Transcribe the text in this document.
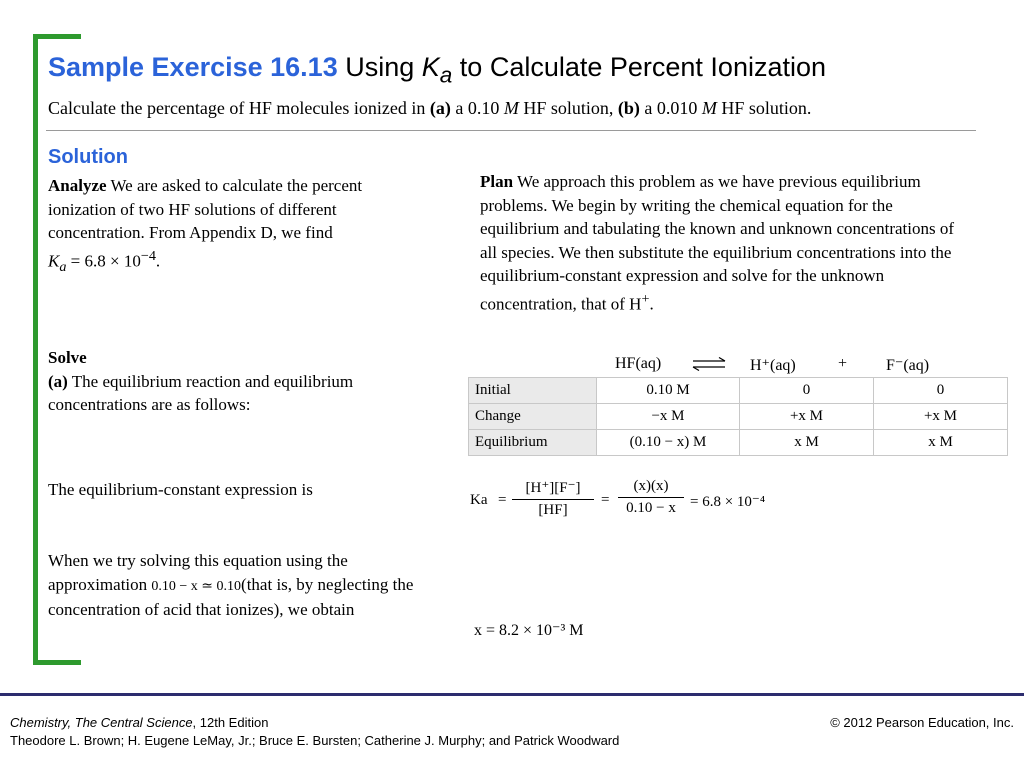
Sample Exercise 16.13 Using $K_a$ to Calculate Percent Ionization
Calculate the percentage of HF molecules ionized in (a) a 0.10 M HF solution, (b) a 0.010 M HF solution.
Solution
Analyze We are asked to calculate the percent ionization of two HF solutions of different concentration. From Appendix D, we find
$K_a = 6.8 \times 10^{-4}$.
Plan We approach this problem as we have previous equilibrium problems. We begin by writing the chemical equation for the equilibrium and tabulating the known and unknown concentrations of all species. We then substitute the equilibrium concentrations into the equilibrium-constant expression and solve for the unknown concentration, that of H+.
Solve
(a) The equilibrium reaction and equilibrium concentrations are as follows:
The equilibrium-constant expression is
When we try solving this equation using the approximation 0.10 − x ≃ 0.10(that is, by neglecting the concentration of acid that ionizes), we obtain
HF(aq) ⇌ H⁺(aq)	+ F⁻(aq)
Initial	0.10 M	0	0
Change	−x M	+x M	+x M
Equilibrium	(0.10 − x) M	x M	x M
$Ka = \frac{[H^+][F^-]}{[HF]} = \frac{(x)(x)}{0.10 - x} = 6.8 \times 10^{-4}$
x = 8.2 × 10⁻³ M
Chemistry, The Central Science, 12th Edition
Theodore L. Brown; H. Eugene LeMay, Jr.; Bruce E. Bursten; Catherine J. Murphy; and Patrick Woodward
© 2012 Pearson Education, Inc.
